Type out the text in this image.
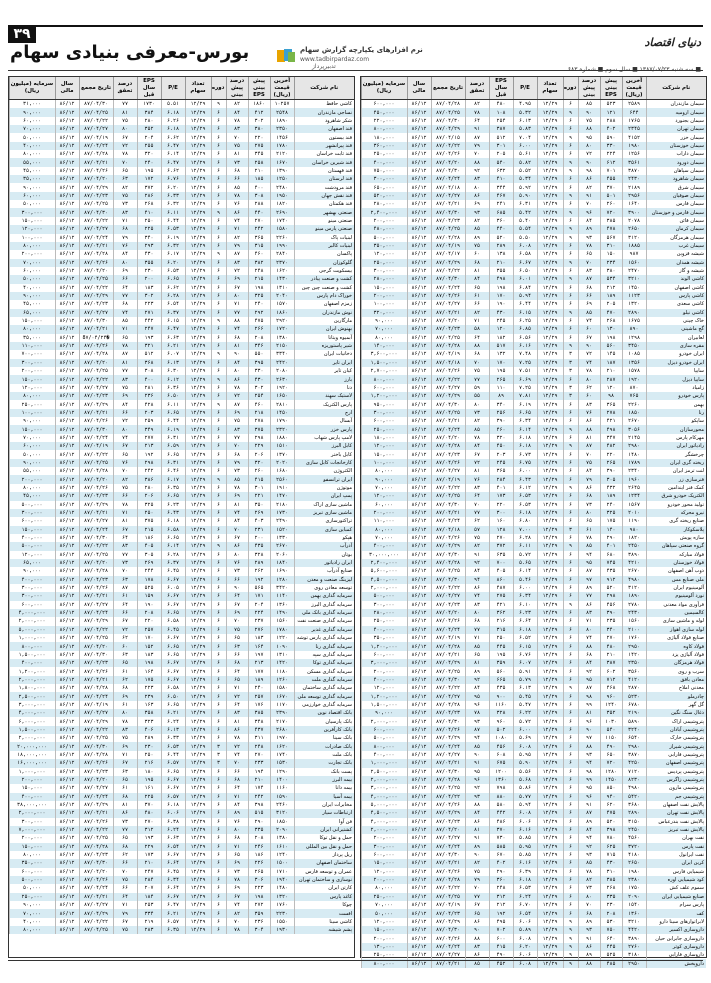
۳۹
دنیای اقتصاد
■ سه شنبه ۱۳۸۷/۰۷/۲۳ ■ سال سوم ■ شماره ۶۸۳
بورس-معرفی بنیادی سهام	نرم افزارهای یکپارچه گزارش سهام
www.tadbirpardaz.com
تدبیرپرداز
نام شرکت	آخرین قیمت (ریال)	پیش بینی EPS	درصد پیش بینی	دوره	تعداد سهام	P/E	EPS سال قبل	درصد تحقق	تاریخ مجمع	سال مالی	سرمایه (میلیون ریال)
سیمان مازندران	۲۵۸۹	۵۲۳	۸۵	۶	۱۲/۲۹	۴.۹۵	۴۸۰	۸۲	۸۷/۰۴/۲۸	۸۶/۱۲	۶۰۰,۰۰۰
سیمان ارومیه	۶۴۴	۱۲۱	۹۰	۹	۱۲/۲۹	۵.۳۲	۱۰۸	۷۸	۸۷/۰۴/۲۵	۸۶/۱۲	۴۵۰,۰۰۰
سیمان بجنورد	۱۷۶۵	۲۸۸	۷۵	۶	۱۲/۲۹	۶.۱۳	۲۵۴	۶۴	۸۷/۰۴/۳۰	۸۶/۱۲	۲۲۰,۰۰۰
سیمان تهران	۲۳۴۵	۴۰۲	۸۸	۶	۱۲/۲۹	۵.۸۳	۳۸۷	۹۱	۸۷/۰۴/۲۹	۸۶/۱۲	۸۰۰,۰۰۰
سیمان خزر	۴۱۵۲	۵۹۰	۹۵	۹	۱۲/۲۹	۷.۰۴	۵۱۲	۸۷	۸۷/۰۴/۱۵	۸۶/۱۲	۱۸۰,۰۰۰
سیمان خوزستان	۱۹۸۰	۳۳۰	۸۰	۶	۱۲/۲۹	۶.۰۰	۳۰۱	۷۹	۸۷/۰۴/۲۲	۸۶/۱۲	۳۶۰,۰۰۰
سیمان داراب	۱۲۵۶	۲۲۴	۷۲	۶	۱۲/۲۹	۵.۶۱	۲۰۵	۷۰	۸۷/۰۴/۲۶	۸۶/۱۲	۲۵۰,۰۰۰
سیمان دورود	۳۵۶۱	۶۱۲	۹۰	۹	۱۲/۲۹	۵.۸۲	۵۴۰	۸۸	۸۷/۰۴/۲۰	۸۶/۱۲	۴۰۰,۰۰۰
سیمان سپاهان	۳۸۷۰	۷۰۱	۹۸	۹	۱۲/۲۹	۵.۵۲	۶۳۲	۹۲	۸۷/۰۴/۳۰	۸۶/۱۲	۷۵۰,۰۰۰
سیمان شاهرود	۲۴۳۰	۴۵۵	۸۶	۶	۱۲/۲۹	۵.۳۴	۴۱۰	۸۳	۸۷/۰۴/۲۴	۸۶/۱۲	۳۰۰,۰۰۰
سیمان شرق	۲۱۸۹	۳۷۰	۸۲	۶	۱۲/۲۹	۵.۹۲	۳۴۴	۸۰	۸۷/۰۴/۱۸	۸۶/۱۲	۶۵۰,۰۰۰
سیمان صوفیان	۲۹۵۶	۵۰۱	۹۱	۹	۱۲/۲۹	۵.۹۰	۴۶۷	۸۶	۸۷/۰۴/۲۷	۸۶/۱۲	۵۲۰,۰۰۰
سیمان فارس	۱۶۴۰	۲۶۰	۷۰	۶	۱۲/۲۹	۶.۳۱	۲۴۱	۶۹	۸۷/۰۴/۲۱	۸۶/۱۲	۲۸۰,۰۰۰
سیمان فارس و خوزستان	۳۹۰۰	۷۲۰	۹۶	۹	۱۲/۲۹	۵.۴۲	۶۸۵	۹۳	۸۷/۰۴/۳۰	۸۶/۱۲	۲,۴۰۰,۰۰۰
سیمان قائن	۲۰۷۸	۳۸۵	۸۴	۶	۱۲/۲۹	۵.۴۰	۳۶۰	۸۲	۸۷/۰۴/۲۳	۸۶/۱۲	۲۰۰,۰۰۰
سیمان کرمان	۲۶۵۰	۴۷۸	۸۹	۹	۱۲/۲۹	۵.۵۴	۴۴۰	۸۵	۸۷/۰۴/۲۵	۸۶/۱۲	۴۸۰,۰۰۰
سیمان هرمزگان	۳۱۲۰	۵۶۷	۹۳	۹	۱۲/۲۹	۵.۵۰	۵۲۰	۸۹	۸۷/۰۴/۲۸	۸۶/۱۲	۵۰۰,۰۰۰
سیمان غرب	۱۸۸۵	۳۱۰	۷۸	۶	۱۲/۲۹	۶.۰۸	۲۸۹	۷۵	۸۷/۰۴/۱۹	۸۶/۱۲	۳۵۰,۰۰۰
شیشه قزوین	۹۸۷	۱۵۰	۶۵	۶	۱۲/۲۹	۶.۵۸	۱۳۸	۶۰	۸۷/۰۴/۱۷	۸۶/۱۲	۱۲۰,۰۰۰
شیشه همدان	۱۵۶۰	۲۳۴	۷۰	۹	۱۲/۲۹	۶.۶۷	۲۱۰	۶۸	۸۷/۰۴/۲۹	۸۶/۱۲	۲۵۰,۰۰۰
شیشه و گاز	۲۴۷۰	۳۸۰	۸۳	۶	۱۲/۲۹	۶.۵۰	۳۵۵	۸۱	۸۷/۰۴/۲۲	۸۶/۱۲	۳۰۰,۰۰۰
کاشی الوند	۳۲۱۰	۵۳۴	۸۷	۹	۱۲/۲۹	۶.۰۱	۴۹۸	۸۴	۸۷/۰۴/۳۰	۸۶/۱۲	۲۸۰,۰۰۰
کاشی اصفهان	۱۴۵۰	۲۱۲	۶۸	۶	۱۲/۲۹	۶.۸۴	۱۹۸	۶۵	۸۷/۰۴/۲۴	۸۶/۱۲	۱۵۰,۰۰۰
کاشی پارس	۱۱۲۳	۱۸۹	۶۶	۶	۱۲/۲۹	۵.۹۴	۱۷۰	۶۱	۸۷/۰۴/۲۶	۸۶/۱۲	۲۰۰,۰۰۰
کاشی سعدی	۱۳۲۰	۲۰۵	۶۹	۶	۱۲/۲۹	۶.۴۴	۱۹۰	۶۶	۸۷/۰۴/۲۷	۸۶/۱۲	۱۰۰,۰۰۰
کاشی نیلو	۲۸۹۰	۴۷۰	۸۵	۹	۱۲/۲۹	۶.۱۵	۴۳۰	۸۲	۸۷/۰۴/۲۱	۸۶/۱۲	۳۲۰,۰۰۰
خاک چینی	۱۶۷۵	۲۶۸	۷۴	۶	۱۲/۲۹	۶.۲۵	۲۴۵	۷۱	۸۷/۰۴/۲۰	۸۶/۱۲	۹۰,۰۰۰
گچ ماشینی	۸۹۰	۱۳۰	۶۰	۶	۱۲/۲۹	۶.۸۵	۱۲۰	۵۸	۸۷/۰۴/۲۳	۸۶/۱۲	۷۰,۰۰۰
لعابیران	۱۲۹۸	۱۹۸	۶۷	۶	۱۲/۲۹	۶.۵۶	۱۸۲	۶۴	۸۷/۰۴/۲۵	۸۶/۱۲	۸۰,۰۰۰
مقره سازی	۳۴۵۰	۵۶۰	۹۰	۹	۱۲/۲۹	۶.۱۶	۵۱۷	۸۸	۸۷/۰۴/۲۸	۸۶/۱۲	۱۴۰,۰۰۰
ایران خودرو	۱۰۸۵	۱۴۵	۷۲	۳	۱۲/۲۹	۷.۴۸	۱۳۲	۶۸	۸۷/۰۴/۱۹	۸۶/۱۲	۳,۶۰۰,۰۰۰
ایران خودرو دیزل	۱۳۵۶	۱۸۷	۷۴	۳	۱۲/۲۹	۷.۲۵	۱۷۰	۷۰	۸۷/۰۴/۱۸	۸۶/۱۲	۱,۵۰۰,۰۰۰
سایپا	۱۵۷۸	۲۱۰	۷۸	۳	۱۲/۲۹	۷.۵۱	۱۹۵	۷۵	۸۷/۰۴/۲۶	۸۶/۱۲	۲,۷۰۰,۰۰۰
سایپا دیزل	۱۹۲۰	۲۸۷	۸۰	۶	۱۲/۲۹	۶.۶۹	۲۶۵	۷۷	۸۷/۰۴/۲۲	۸۶/۱۲	۸۰۰,۰۰۰
زامیاد	۸۷۰	۱۲۰	۶۲	۳	۱۲/۲۹	۷.۲۵	۱۱۰	۵۹	۸۷/۰۴/۲۷	۸۶/۱۲	۶۰۰,۰۰۰
پارس خودرو	۷۶۵	۹۸	۶۰	۳	۱۲/۲۹	۷.۸۱	۸۹	۵۵	۸۷/۰۴/۲۹	۸۶/۱۲	۱,۲۰۰,۰۰۰
بهمن	۲۲۶۰	۳۶۵	۸۳	۶	۱۲/۲۹	۶.۱۹	۳۴۰	۸۰	۸۷/۰۴/۳۰	۸۶/۱۲	۹۵۰,۰۰۰
رنا	۱۸۵۰	۲۷۸	۷۶	۶	۱۲/۲۹	۶.۶۵	۲۵۶	۷۳	۸۷/۰۴/۲۵	۸۶/۱۲	۳۰۰,۰۰۰
ساپکو	۲۶۷۰	۴۲۱	۸۶	۶	۱۲/۲۹	۶.۳۴	۳۹۰	۸۲	۸۷/۰۴/۲۱	۸۶/۱۲	۶۰۰,۰۰۰
محورسازان	۳۰۵۶	۴۹۸	۸۸	۹	۱۲/۲۹	۶.۱۴	۴۶۰	۸۵	۸۷/۰۴/۲۴	۸۶/۱۲	۲۵۰,۰۰۰
مهرکام پارس	۲۱۴۵	۳۴۷	۸۱	۶	۱۲/۲۹	۶.۱۸	۳۲۰	۷۸	۸۷/۰۴/۲۰	۸۶/۱۲	۱۸۰,۰۰۰
رادیاتور ایران	۲۹۸۰	۴۸۲	۸۷	۹	۱۲/۲۹	۶.۱۸	۴۵۰	۸۴	۸۷/۰۴/۲۸	۸۶/۱۲	۱۲۰,۰۰۰
چرخشگر	۱۴۸۰	۲۲۰	۷۰	۶	۱۲/۲۹	۶.۷۳	۲۰۳	۶۷	۸۷/۰۴/۲۳	۸۶/۱۲	۱۵۰,۰۰۰
ریخته گری ایران	۱۷۸۹	۲۶۵	۷۵	۶	۱۲/۲۹	۶.۷۵	۲۴۵	۷۲	۸۷/۰۴/۲۶	۸۶/۱۲	۱۰۰,۰۰۰
لنت ترمز ایران	۲۳۴۰	۳۹۰	۸۴	۶	۱۲/۲۹	۶.۰۰	۳۶۵	۸۱	۸۷/۰۴/۲۷	۸۶/۱۲	۸۰,۰۰۰
فنرسازی زر	۱۹۶۰	۳۰۵	۷۹	۶	۱۲/۲۹	۶.۴۳	۲۸۴	۷۶	۸۷/۰۴/۱۹	۸۶/۱۲	۹۰,۰۰۰
کمک فنر ایندامین	۲۶۴۵	۴۳۲	۸۶	۹	۱۲/۲۹	۶.۱۲	۴۰۱	۸۳	۸۷/۰۴/۲۲	۸۶/۱۲	۷۰,۰۰۰
الکتریک خودرو شرق	۱۲۳۴	۱۸۹	۶۸	۶	۱۲/۲۹	۶.۵۳	۱۷۳	۶۴	۸۷/۰۴/۲۵	۸۶/۱۲	۱۲۰,۰۰۰
تولید محور خودرو	۱۵۶۷	۲۴۰	۷۳	۶	۱۲/۲۹	۶.۵۳	۲۲۰	۷۰	۸۷/۰۴/۳۰	۸۶/۱۲	۶۰,۰۰۰
نیرو محرکه	۲۰۱۰	۳۲۵	۸۰	۶	۱۲/۲۹	۶.۱۸	۳۰۰	۷۷	۸۷/۰۴/۲۱	۸۶/۱۲	۲۰۰,۰۰۰
صنایع ریخته گری	۱۱۹۰	۱۷۵	۶۵	۶	۱۲/۲۹	۶.۸۰	۱۶۰	۶۲	۸۷/۰۴/۲۴	۸۶/۱۲	۱۱۰,۰۰۰
پلاسکوکار	۹۸۰	۱۴۰	۶۱	۳	۱۲/۲۹	۷.۰۰	۱۲۸	۵۷	۸۷/۰۴/۱۸	۸۶/۱۲	۸۰,۰۰۰
سازه پویش	۱۸۲۰	۲۹۰	۷۸	۶	۱۲/۲۹	۶.۲۸	۲۷۰	۷۵	۸۷/۰۴/۲۶	۸۶/۱۲	۷۰,۰۰۰
گروه صنعتی سپاهان	۲۴۵۰	۴۰۱	۸۵	۹	۱۲/۲۹	۶.۱۱	۳۷۲	۸۲	۸۷/۰۴/۲۹	۸۶/۱۲	۴۰۰,۰۰۰
فولاد مبارکه	۳۸۹۰	۶۸۰	۹۴	۶	۱۲/۲۹	۵.۷۲	۶۳۵	۹۱	۸۷/۰۴/۳۰	۸۶/۱۲	۳۰,۰۰۰,۰۰۰
فولاد خوزستان	۴۲۱۰	۷۴۵	۹۵	۶	۱۲/۲۹	۵.۶۵	۷۰۰	۹۲	۸۷/۰۴/۲۸	۸۶/۱۲	۲,۴۰۰,۰۰۰
ذوب آهن اصفهان	۲۶۷۰	۴۳۵	۸۷	۶	۱۲/۲۹	۶.۱۴	۴۰۵	۸۴	۸۷/۰۴/۲۵	۸۶/۱۲	۵,۶۰۰,۰۰۰
ملی صنایع مس	۴۹۸۰	۹۱۲	۹۷	۶	۱۲/۲۹	۵.۴۶	۸۶۰	۹۴	۸۷/۰۴/۳۰	۸۶/۱۲	۴,۵۰۰,۰۰۰
آلومینیوم ایران	۳۱۲۰	۵۲۰	۸۹	۶	۱۲/۲۹	۶.۰۰	۴۸۷	۸۶	۸۷/۰۴/۲۲	۸۶/۱۲	۲,۰۰۰,۰۰۰
نورد آلومینیوم	۱۸۹۰	۲۹۸	۷۷	۶	۱۲/۲۹	۶.۳۴	۲۷۵	۷۴	۸۷/۰۴/۲۷	۸۶/۱۲	۵۰۰,۰۰۰
فرآوری مواد معدنی	۲۷۸۰	۴۵۶	۸۶	۹	۱۲/۲۹	۶.۱۰	۴۲۱	۸۳	۸۷/۰۴/۲۳	۸۶/۱۲	۳۰۰,۰۰۰
کالسیمین	۲۴۳۰	۳۹۰	۸۳	۶	۱۲/۲۹	۶.۲۳	۳۶۲	۸۰	۸۷/۰۴/۲۰	۸۶/۱۲	۲۸۰,۰۰۰
لوله و ماشین سازی	۱۵۶۰	۲۳۵	۷۱	۶	۱۲/۲۹	۶.۶۴	۲۱۶	۶۸	۸۷/۰۴/۲۶	۸۶/۱۲	۲۵۰,۰۰۰
لوله سازی اهواز	۲۱۰۰	۳۴۰	۸۰	۶	۱۲/۲۹	۶.۱۸	۳۱۵	۷۷	۸۷/۰۴/۲۴	۸۶/۱۲	۴۰۰,۰۰۰
صنایع فولاد آلیاژی	۱۷۶۰	۲۷۰	۷۴	۶	۱۲/۲۹	۶.۵۲	۲۵۰	۷۱	۸۷/۰۴/۱۹	۸۶/۱۲	۳۵۰,۰۰۰
فولاد کاوه	۲۹۵۰	۴۸۰	۸۸	۶	۱۲/۲۹	۶.۱۵	۴۴۵	۸۵	۸۷/۰۴/۲۸	۸۶/۱۲	۱,۲۰۰,۰۰۰
فولاد آلیاژی یزد	۱۴۲۰	۲۱۰	۶۸	۶	۱۲/۲۹	۶.۷۶	۱۹۵	۶۵	۸۷/۰۴/۲۱	۸۶/۱۲	۶۰۰,۰۰۰
فولاد هرمزگان	۲۳۵۰	۳۸۷	۸۴	۶	۱۲/۲۹	۶.۰۷	۳۵۹	۸۱	۸۷/۰۴/۲۹	۸۶/۱۲	۳,۰۰۰,۰۰۰
سرب و روی	۳۵۶۰	۶۰۲	۹۲	۶	۱۲/۲۹	۵.۹۱	۵۶۰	۸۹	۸۷/۰۴/۲۵	۸۶/۱۲	۲۰۰,۰۰۰
معادن بافق	۴۱۲۰	۷۱۲	۹۵	۶	۱۲/۲۹	۵.۷۹	۶۶۵	۹۲	۸۷/۰۴/۳۰	۸۶/۱۲	۴۰۰,۰۰۰
معدنی املاح	۲۸۷۰	۴۶۸	۸۷	۹	۱۲/۲۹	۶.۱۳	۴۳۵	۸۴	۸۷/۰۴/۲۲	۸۶/۱۲	۱۲۰,۰۰۰
چادرملو	۵۲۳۰	۹۶۰	۹۸	۶	۱۲/۲۹	۵.۴۵	۹۰۰	۹۵	۸۷/۰۴/۲۷	۸۶/۱۲	۱,۲۰۰,۰۰۰
گل گهر	۶۷۸۰	۱۲۴۰	۹۹	۶	۱۲/۲۹	۵.۴۷	۱۱۶۰	۹۶	۸۷/۰۴/۲۸	۸۶/۱۲	۱,۵۰۰,۰۰۰
ذغال سنگ نگین	۲۱۹۰	۳۵۲	۸۱	۶	۱۲/۲۹	۶.۲۲	۳۲۸	۷۸	۸۷/۰۴/۲۳	۸۶/۱۲	۹۰,۰۰۰
پتروشیمی اراک	۵۸۹۰	۱۰۳۰	۹۶	۶	۱۲/۲۹	۵.۷۲	۹۶۰	۹۳	۸۷/۰۴/۳۰	۸۶/۱۲	۲,۰۰۰,۰۰۰
پتروشیمی آبادان	۳۲۴۰	۵۴۰	۹۰	۶	۱۲/۲۹	۶.۰۰	۵۰۲	۸۷	۸۷/۰۴/۲۶	۸۶/۱۲	۶۰۰,۰۰۰
پتروشیمی خارک	۶۵۴۰	۱۱۵۰	۹۷	۶	۱۲/۲۹	۵.۶۹	۱۰۸۰	۹۴	۸۷/۰۴/۲۹	۸۶/۱۲	۵۰۰,۰۰۰
پتروشیمی شیراز	۲۹۸۰	۴۹۰	۸۸	۶	۱۲/۲۹	۶.۰۸	۴۵۶	۸۵	۸۷/۰۴/۲۴	۸۶/۱۲	۸۰۰,۰۰۰
پتروشیمی فارابی	۳۸۷۰	۶۵۰	۹۳	۶	۱۲/۲۹	۵.۹۵	۶۰۸	۹۰	۸۷/۰۴/۲۷	۸۶/۱۲	۴۰۰,۰۰۰
پتروشیمی اصفهان	۴۲۵۰	۷۲۰	۹۴	۶	۱۲/۲۹	۵.۹۰	۶۷۵	۹۱	۸۷/۰۴/۲۱	۸۶/۱۲	۱,۰۰۰,۰۰۰
پتروشیمی پردیس	۷۱۲۰	۱۲۸۰	۹۸	۶	۱۲/۲۹	۵.۵۶	۱۲۰۰	۹۵	۸۷/۰۴/۳۰	۸۶/۱۲	۲,۵۰۰,۰۰۰
پتروشیمی زاگرس	۸۲۳۰	۱۴۵۰	۹۹	۶	۱۲/۲۹	۵.۶۸	۱۳۶۰	۹۶	۸۷/۰۴/۲۸	۸۶/۱۲	۲,۰۰۰,۰۰۰
پتروشیمی مارون	۴۹۸۰	۸۵۰	۹۵	۶	۱۲/۲۹	۵.۸۶	۷۹۸	۹۲	۸۷/۰۴/۲۵	۸۶/۱۲	۳,۰۰۰,۰۰۰
پتروشیمی جم	۵۴۲۰	۹۴۰	۹۶	۶	۱۲/۲۹	۵.۷۷	۸۸۰	۹۳	۸۷/۰۴/۲۲	۸۶/۱۲	۴,۰۰۰,۰۰۰
پالایش نفت اصفهان	۳۶۸۰	۶۲۰	۹۱	۶	۱۲/۲۹	۵.۹۴	۵۸۰	۸۸	۸۷/۰۴/۲۶	۸۶/۱۲	۵,۰۰۰,۰۰۰
پالایش نفت تهران	۲۸۹۰	۴۷۵	۸۷	۶	۱۲/۲۹	۶.۰۸	۴۴۲	۸۴	۸۷/۰۴/۲۹	۸۶/۱۲	۴,۵۰۰,۰۰۰
پالایش نفت بندرعباس	۳۱۵۰	۵۲۰	۸۹	۶	۱۲/۲۹	۶.۰۶	۴۸۶	۸۶	۸۷/۰۴/۲۳	۸۶/۱۲	۴,۰۰۰,۰۰۰
پالایش نفت تبریز	۲۴۵۰	۳۹۸	۸۴	۶	۱۲/۲۹	۶.۱۶	۳۷۰	۸۱	۸۷/۰۴/۲۰	۸۶/۱۲	۲,۰۰۰,۰۰۰
نفت بهران	۴۵۶۰	۷۸۰	۹۴	۶	۱۲/۲۹	۵.۸۵	۷۳۰	۹۱	۸۷/۰۴/۲۷	۸۶/۱۲	۲۰۰,۰۰۰
نفت پارس	۳۷۲۰	۶۲۵	۹۲	۶	۱۲/۲۹	۵.۹۵	۵۸۵	۸۹	۸۷/۰۴/۲۴	۸۶/۱۲	۳۰۰,۰۰۰
نفت ایرانول	۴۱۸۰	۷۱۵	۹۳	۶	۱۲/۲۹	۵.۸۵	۶۷۰	۹۰	۸۷/۰۴/۳۰	۸۶/۱۲	۶۰۰,۰۰۰
کربن ایران	۲۶۵۰	۴۳۰	۸۵	۶	۱۲/۲۹	۶.۱۶	۴۰۲	۸۲	۸۷/۰۴/۲۱	۸۶/۱۲	۱۵۰,۰۰۰
شیمیایی فارس	۱۹۸۰	۳۱۰	۷۸	۶	۱۲/۲۹	۶.۳۹	۲۹۰	۷۵	۸۷/۰۴/۲۶	۸۶/۱۲	۱۲۰,۰۰۰
کود شیمیایی اوره	۲۳۸۰	۳۸۵	۸۲	۶	۱۲/۲۹	۶.۱۸	۳۶۰	۷۹	۸۷/۰۴/۲۸	۸۶/۱۲	۲۰۰,۰۰۰
سموم علف کش	۱۷۵۰	۲۶۸	۷۳	۶	۱۲/۲۹	۶.۵۳	۲۴۸	۷۰	۸۷/۰۴/۲۲	۸۶/۱۲	۸۰,۰۰۰
صنایع شیمیایی ایران	۲۰۹۰	۳۳۵	۸۰	۶	۱۲/۲۹	۶.۲۴	۳۱۲	۷۷	۸۷/۰۴/۲۵	۸۶/۱۲	۲۵۰,۰۰۰
پارس سرام	۱۵۴۰	۲۳۰	۷۰	۶	۱۲/۲۹	۶.۷۰	۲۱۲	۶۷	۸۷/۰۴/۱۹	۸۶/۱۲	۷۰,۰۰۰
کف	۱۳۶۰	۲۰۸	۶۸	۶	۱۲/۲۹	۶.۵۴	۱۹۲	۶۵	۸۷/۰۴/۲۳	۸۶/۱۲	۵۰,۰۰۰
لابراتوارهای سینا دارو	۳۲۱۰	۵۳۰	۸۹	۹	۱۲/۲۹	۶.۰۶	۴۹۵	۸۶	۸۷/۰۴/۲۹	۸۶/۱۲	۱۲۰,۰۰۰
داروسازی اکسیر	۴۴۲۰	۷۵۰	۹۳	۹	۱۲/۲۹	۵.۸۹	۷۰۲	۹۰	۸۷/۰۴/۳۰	۸۶/۱۲	۱۵۰,۰۰۰
داروسازی جابرابن حیان	۳۸۹۰	۶۴۰	۹۱	۹	۱۲/۲۹	۶.۰۸	۶۰۰	۸۸	۸۷/۰۴/۲۶	۸۶/۱۲	۲۰۰,۰۰۰
داروسازی کوثر	۲۷۶۰	۴۴۵	۸۶	۹	۱۲/۲۹	۶.۲۰	۴۱۵	۸۳	۸۷/۰۴/۲۴	۸۶/۱۲	۱۳۰,۰۰۰
داروسازی فارابی	۳۱۸۰	۵۲۵	۸۹	۹	۱۲/۲۹	۶.۰۶	۴۹۰	۸۶	۸۷/۰۴/۲۷	۸۶/۱۲	۲۵۰,۰۰۰
داروپخش	۲۹۵۰	۴۸۵	۸۸	۹	۱۲/۲۹	۶.۰۸	۴۵۲	۸۵	۸۷/۰۴/۲۱	۸۶/۱۲	۸۰۰,۰۰۰
نام شرکت	آخرین قیمت (ریال)	پیش بینی EPS	درصد پیش بینی	دوره	تعداد سهام	P/E	EPS سال قبل	درصد تحقق	تاریخ مجمع	سال مالی	سرمایه (میلیون ریال)
کاشی حافظ	۱۰۲۵۷	۱۸۶۰	۸۲	۹	۱۲/۲۹	۵.۵۱	۱۷۳۰	۷۷	۸۷/۰۴/۳۰	۸۶/۱۲	۳۱,۰۰۰
نساجی مازندران	۲۵۴۸	۴۱۲	۸۴	۶	۱۲/۲۹	۶.۱۸	۳۸۴	۸۱	۸۷/۰۴/۲۵	۸۶/۱۲	۹۰,۰۰۰
شکر شاهرود	۱۸۹۰	۳۰۲	۷۸	۶	۱۲/۲۹	۶.۲۶	۲۸۰	۷۵	۸۷/۰۴/۲۲	۸۶/۱۲	۶۰,۰۰۰
قند اصفهان	۲۳۵۰	۳۸۰	۸۳	۶	۱۲/۲۹	۶.۱۸	۳۵۲	۸۰	۸۷/۰۴/۲۷	۸۶/۱۲	۷۰,۰۰۰
قند بیستون	۱۴۵۶	۲۲۰	۷۰	۶	۱۲/۲۹	۶.۶۲	۲۰۴	۶۷	۸۷/۰۴/۱۹	۸۶/۱۲	۵۰,۰۰۰
قند پیرانشهر	۱۷۸۰	۲۷۵	۷۵	۶	۱۲/۲۹	۶.۴۷	۲۵۵	۷۲	۸۷/۰۴/۲۴	۸۶/۱۲	۴۰,۰۰۰
قند ثابت خراسان	۲۱۲۰	۳۴۵	۸۱	۶	۱۲/۲۹	۶.۱۴	۳۲۰	۷۸	۸۷/۰۴/۲۸	۸۶/۱۲	۸۰,۰۰۰
قند شیرین خراسان	۱۶۷۰	۲۵۸	۷۳	۶	۱۲/۲۹	۶.۴۷	۲۴۰	۷۰	۸۷/۰۴/۲۱	۸۶/۱۲	۵۵,۰۰۰
قند قهستان	۱۳۹۰	۲۱۰	۶۸	۶	۱۲/۲۹	۶.۶۲	۱۹۵	۶۵	۸۷/۰۴/۲۶	۸۶/۱۲	۴۵,۰۰۰
قند لرستان	۱۲۵۰	۱۸۵	۶۶	۶	۱۲/۲۹	۶.۷۶	۱۷۲	۶۳	۸۷/۰۴/۲۰	۸۶/۱۲	۳۵,۰۰۰
قند مرودشت	۲۴۸۰	۴۰۰	۸۵	۶	۱۲/۲۹	۶.۲۰	۳۷۲	۸۲	۸۷/۰۴/۲۹	۸۶/۱۲	۹۰,۰۰۰
قند نقش جهان	۱۹۵۰	۳۰۸	۷۸	۶	۱۲/۲۹	۶.۳۳	۲۸۶	۷۵	۸۷/۰۴/۲۳	۸۶/۱۲	۶۰,۰۰۰
قند هکمتان	۱۸۲۰	۲۸۸	۷۶	۶	۱۲/۲۹	۶.۳۲	۲۶۸	۷۳	۸۷/۰۴/۲۵	۸۶/۱۲	۵۰,۰۰۰
صنعتی بهشهر	۲۶۹۰	۴۴۰	۸۶	۹	۱۲/۲۹	۶.۱۱	۴۱۰	۸۳	۸۷/۰۴/۳۰	۸۶/۱۲	۳۰۰,۰۰۰
صنعتی مینو	۱۷۴۰	۲۷۰	۷۴	۶	۱۲/۲۹	۶.۴۴	۲۵۰	۷۱	۸۷/۰۴/۲۲	۸۶/۱۲	۱۵۰,۰۰۰
صنعتی پارس مینو	۱۵۸۰	۲۴۲	۷۱	۶	۱۲/۲۹	۶.۵۳	۲۲۵	۶۸	۸۷/۰۴/۲۷	۸۶/۱۲	۱۲۰,۰۰۰
لبنیات پاک	۲۲۶۰	۳۶۵	۸۲	۶	۱۲/۲۹	۶.۱۹	۳۴۰	۷۹	۸۷/۰۴/۲۴	۸۶/۱۲	۱۰۰,۰۰۰
لبنیات کالبر	۱۹۹۰	۳۱۵	۷۹	۶	۱۲/۲۹	۶.۳۲	۲۹۳	۷۶	۸۷/۰۴/۲۱	۸۶/۱۲	۸۰,۰۰۰
پاکسان	۲۸۴۰	۴۶۰	۸۷	۹	۱۲/۲۹	۶.۱۷	۴۳۰	۸۴	۸۷/۰۴/۲۸	۸۶/۱۲	۲۰۰,۰۰۰
گلوکوزان	۲۳۷۰	۳۸۲	۸۳	۶	۱۲/۲۹	۶.۲۰	۳۵۵	۸۰	۸۷/۰۴/۲۶	۸۶/۱۲	۷۰,۰۰۰
بیسکویت گرجی	۱۶۲۰	۲۴۸	۷۲	۶	۱۲/۲۹	۶.۵۳	۲۳۰	۶۹	۸۷/۰۴/۲۰	۸۶/۱۲	۶۰,۰۰۰
کشت و صنعت پیاذر	۱۴۳۰	۲۱۵	۶۹	۶	۱۲/۲۹	۶.۶۵	۲۰۰	۶۶	۸۷/۰۴/۲۵	۸۶/۱۲	۵۰,۰۰۰
کشت و صنعت چین چین	۱۳۱۰	۱۹۸	۶۷	۶	۱۲/۲۹	۶.۶۲	۱۸۳	۶۴	۸۷/۰۴/۲۲	۸۶/۱۲	۴۰,۰۰۰
خوراک دام پارس	۲۰۴۰	۳۲۵	۸۰	۶	۱۲/۲۹	۶.۲۸	۳۰۲	۷۷	۸۷/۰۴/۲۹	۸۶/۱۲	۹۰,۰۰۰
زمزم اصفهان	۱۵۷۰	۲۴۰	۷۱	۶	۱۲/۲۹	۶.۵۴	۲۲۳	۶۸	۸۷/۰۴/۲۳	۸۶/۱۲	۴۵,۰۰۰
نوش مازندران	۱۸۶۰	۲۹۲	۷۷	۶	۱۲/۲۹	۶.۳۷	۲۷۱	۷۴	۸۷/۰۴/۲۷	۸۶/۱۲	۶۵,۰۰۰
مارگارین	۲۹۲۰	۴۷۵	۸۸	۹	۱۲/۲۹	۶.۱۵	۴۴۲	۸۵	۸۷/۰۴/۳۰	۸۶/۱۲	۱۵۰,۰۰۰
بهنوش ایران	۱۷۲۰	۲۶۶	۷۴	۶	۱۲/۲۹	۶.۴۷	۲۴۷	۷۱	۸۷/۰۴/۲۱	۸۶/۱۲	۸۰,۰۰۰
آبمیوه ویتانا	۱۳۸۰	۲۰۸	۶۸	۶	۱۲/۲۹	۶.۶۳	۱۹۳	۶۵	�8۷/۰۴/۲۴	۸۶/۱۲	۳۵,۰۰۰
شیر پاستوریزه	۲۱۵۰	۳۴۶	۸۱	۶	۱۲/۲۹	۶.۲۱	۳۲۱	۷۸	۸۷/۰۴/۲۶	۸۶/۱۲	۱۱۰,۰۰۰
دخانیات ایران	۳۳۴۰	۵۵۰	۹۰	۹	۱۲/۲۹	۶.۰۷	۵۱۲	۸۷	۸۷/۰۴/۲۸	۸۶/۱۲	۷۰۰,۰۰۰
ایران تایر	۲۴۲۰	۳۹۵	۸۴	۶	۱۲/۲۹	۶.۱۳	۳۶۸	۸۱	۸۷/۰۴/۲۰	۸۶/۱۲	۳۰۰,۰۰۰
کیان تایر	۲۰۸۰	۳۳۰	۸۰	۶	۱۲/۲۹	۶.۳۰	۳۰۸	۷۷	۸۷/۰۴/۲۵	۸۶/۱۲	۲۰۰,۰۰۰
بارز	۲۶۳۰	۴۳۰	۸۶	۹	۱۲/۲۹	۶.۱۲	۴۰۰	۸۳	۸۷/۰۴/۲۲	۸۶/۱۲	۱۵۰,۰۰۰
دنا	۱۹۲۰	۳۰۲	۷۸	۶	۱۲/۲۹	۶.۳۶	۲۸۱	۷۵	۸۷/۰۴/۲۷	۸۶/۱۲	۱۲۰,۰۰۰
لاستیک سهند	۱۶۵۰	۲۵۴	۷۲	۶	۱۲/۲۹	۶.۵۰	۲۳۶	۶۹	۸۷/۰۴/۲۳	۸۶/۱۲	۸۰,۰۰۰
پارس الکتریک	۲۸۱۰	۴۶۰	۸۷	۹	۱۲/۲۹	۶.۱۱	۴۲۸	۸۴	۸۷/۰۴/۲۹	۸۶/۱۲	۲۵۰,۰۰۰
ارج	۱۴۵۰	۲۱۸	۶۹	۶	۱۲/۲۹	۶.۶۵	۲۰۳	۶۶	۸۷/۰۴/۲۱	۸۶/۱۲	۱۰۰,۰۰۰
آبسال	۱۷۹۰	۲۷۸	۷۵	۶	۱۲/۲۹	۶.۴۴	۲۵۹	۷۲	۸۷/۰۴/۲۶	۸۶/۱۲	۹۰,۰۰۰
پارس خزر	۲۳۲۰	۳۷۵	۸۳	۶	۱۲/۲۹	۶.۱۹	۳۴۹	۸۰	۸۷/۰۴/۳۰	۸۶/۱۲	۱۵۰,۰۰۰
لامپ پارس شهاب	۱۸۸۰	۲۹۸	۷۷	۶	۱۲/۲۹	۶.۳۱	۲۷۷	۷۴	۸۷/۰۴/۲۴	۸۶/۱۲	۷۰,۰۰۰
کابل البرز	۱۵۱۰	۲۲۹	۷۰	۶	۱۲/۲۹	۶.۵۹	۲۱۳	۶۷	۸۷/۰۴/۱۹	۸۶/۱۲	۶۰,۰۰۰
کابل باختر	۱۳۷۰	۲۰۶	۶۸	۶	۱۲/۲۹	۶.۶۵	۱۹۲	۶۵	۸۷/۰۴/۲۲	۸۶/۱۲	۵۰,۰۰۰
کارخانجات کابل سازی	۲۰۲۰	۳۲۰	۷۹	۶	۱۲/۲۹	۶.۳۱	۲۹۸	۷۶	۸۷/۰۴/۲۵	۸۶/۱۲	۹۰,۰۰۰
الکتروژن	۱۶۸۰	۲۶۰	۷۳	۶	۱۲/۲۹	۶.۴۶	۲۴۲	۷۰	۸۷/۰۴/۲۸	۸۶/۱۲	۵۵,۰۰۰
ایران ترانسفو	۲۵۶۰	۴۱۵	۸۵	۹	۱۲/۲۹	۶.۱۷	۳۸۶	۸۲	۸۷/۰۴/۲۰	۸۶/۱۲	۲۰۰,۰۰۰
موتوژن	۱۹۱۰	۳۰۱	۷۸	۶	۱۲/۲۹	۶.۳۵	۲۸۰	۷۵	۸۷/۰۴/۲۶	۸۶/۱۲	۸۰,۰۰۰
پمپ ایران	۱۴۷۰	۲۲۱	۶۹	۶	۱۲/۲۹	۶.۶۵	۲۰۶	۶۶	۸۷/۰۴/۲۳	۸۶/۱۲	۴۵,۰۰۰
ماشین سازی اراک	۲۱۸۰	۳۵۰	۸۱	۶	۱۲/۲۹	۶.۲۳	۳۲۵	۷۸	۸۷/۰۴/۲۹	۸۶/۱۲	۵۰۰,۰۰۰
ماشین سازی تبریز	۱۷۳۰	۲۶۹	۷۴	۶	۱۲/۲۹	۶.۴۳	۲۵۰	۷۱	۸۷/۰۴/۲۱	۸۶/۱۲	۳۰۰,۰۰۰
تراکتورسازی	۲۴۹۰	۴۰۳	۸۴	۶	۱۲/۲۹	۶.۱۸	۳۷۵	۸۱	۸۷/۰۴/۲۷	۸۶/۱۲	۶۰۰,۰۰۰
کمباین سازی	۱۵۲۰	۲۳۱	۷۰	۶	۱۲/۲۹	۶.۵۸	۲۱۵	۶۷	۸۷/۰۴/۲۴	۸۶/۱۲	۱۵۰,۰۰۰
هپکو	۱۳۳۰	۲۰۰	۶۷	۶	۱۲/۲۹	۶.۶۵	۱۸۶	۶۴	۸۷/۰۴/۳۰	۸۶/۱۲	۴۰۰,۰۰۰
آذرآب	۲۶۷۰	۴۳۵	۸۶	۹	۱۲/۲۹	۶.۱۴	۴۰۵	۸۳	۸۷/۰۴/۲۲	۸۶/۱۲	۵۰۰,۰۰۰
بوتان	۲۰۶۰	۳۲۸	۸۰	۶	۱۲/۲۹	۶.۲۸	۳۰۵	۷۷	۸۷/۰۴/۲۵	۸۶/۱۲	۱۲۰,۰۰۰
ایران رادیاتور	۱۸۴۰	۲۸۹	۷۶	۶	۱۲/۲۹	۶.۳۷	۲۶۹	۷۳	۸۷/۰۴/۲۰	۸۶/۱۲	۶۵,۰۰۰
صنایع آذرآب	۱۶۹۰	۲۶۲	۷۳	۶	۱۲/۲۹	۶.۴۵	۲۴۴	۷۰	۸۷/۰۴/۲۸	۸۶/۱۲	۹۰,۰۰۰
لیزینگ صنعت و معدن	۱۲۸۰	۱۹۲	۶۶	۶	۱۲/۲۹	۶.۶۷	۱۷۸	۶۳	۸۷/۰۴/۲۳	۸۶/۱۲	۴۰۰,۰۰۰
توسعه معادن روی	۳۴۲۰	۵۶۵	۹۰	۶	۱۲/۲۹	۶.۰۵	۵۲۵	۸۷	۸۷/۰۴/۲۶	۸۶/۱۲	۳۰۰,۰۰۰
سرمایه گذاری بهمن	۱۱۴۰	۱۷۱	۶۴	۶	۱۲/۲۹	۶.۶۷	۱۵۹	۶۱	۸۷/۰۴/۲۱	۸۶/۱۲	۳۰۰,۰۰۰
سرمایه گذاری البرز	۱۳۶۰	۲۰۴	۶۷	۶	۱۲/۲۹	۶.۶۷	۱۹۰	۶۴	۸۷/۰۴/۲۷	۸۶/۱۲	۶۰۰,۰۰۰
سرمایه گذاری بانک ملی	۱۴۹۰	۲۲۴	۶۹	۶	۱۲/۲۹	۶.۶۵	۲۰۸	۶۶	۸۷/۰۴/۲۴	۸۶/۱۲	۴,۰۰۰,۰۰۰
سرمایه گذاری صنعت نفت	۱۵۶۰	۲۳۷	۷۰	۶	۱۲/۲۹	۶.۵۸	۲۲۰	۶۷	۸۷/۰۴/۲۹	۸۶/۱۲	۲,۰۰۰,۰۰۰
سرمایه گذاری غدیر	۱۷۸۰	۲۷۶	۷۵	۶	۱۲/۲۹	۶.۴۵	۲۵۷	۷۲	۸۷/۰۴/۲۲	۸۶/۱۲	۵,۰۰۰,۰۰۰
سرمایه گذاری پارس توشه	۱۲۲۰	۱۸۳	۶۵	۶	۱۲/۲۹	۶.۶۷	۱۷۰	۶۲	۸۷/۰۴/۲۵	۸۶/۱۲	۱,۰۰۰,۰۰۰
سرمایه گذاری رنا	۱۰۹۰	۱۶۴	۶۳	۶	۱۲/۲۹	۶.۶۵	۱۵۲	۶۰	۸۷/۰۴/۲۰	۸۶/۱۲	۸۰۰,۰۰۰
سرمایه گذاری سپه	۱۳۱۰	۱۹۷	۶۶	۶	۱۲/۲۹	۶.۶۵	۱۸۳	۶۳	۸۷/۰۴/۳۰	۸۶/۱۲	۱,۵۰۰,۰۰۰
سرمایه گذاری توکا	۱۴۲۰	۲۱۳	۶۸	۶	۱۲/۲۹	۶.۶۷	۱۹۸	۶۵	۸۷/۰۴/۲۳	۸۶/۱۲	۴۰۰,۰۰۰
سرمایه گذاری مسکن	۱۱۸۰	۱۷۷	۶۴	۶	۱۲/۲۹	۶.۶۷	۱۶۴	۶۱	۸۷/۰۴/۲۶	۸۶/۱۲	۱,۲۰۰,۰۰۰
سرمایه گذاری ملت	۱۲۶۰	۱۸۹	۶۵	۶	۱۲/۲۹	۶.۶۷	۱۷۵	۶۲	۸۷/۰۴/۲۱	۸۶/۱۲	۲,۰۰۰,۰۰۰
سرمایه گذاری ساختمان	۱۵۸۰	۲۴۰	۷۱	۶	۱۲/۲۹	۶.۵۸	۲۲۳	۶۸	۸۷/۰۴/۲۸	۸۶/۱۲	۱,۸۰۰,۰۰۰
سرمایه گذاری توسعه ملی	۱۶۷۰	۲۵۷	۷۲	۶	۱۲/۲۹	۶.۵۰	۲۳۹	۶۹	۸۷/۰۴/۲۴	۸۶/۱۲	۲,۵۰۰,۰۰۰
سرمایه گذاری خوارزمی	۱۱۷۰	۱۷۶	۶۴	۶	۱۲/۲۹	۶.۶۵	۱۶۳	۶۱	۸۷/۰۴/۱۹	۸۶/۱۲	۳,۰۰۰,۰۰۰
بانک اقتصاد نوین	۲۳۹۰	۳۸۵	۸۳	۶	۱۲/۲۹	۶.۲۱	۳۵۸	۸۰	۸۷/۰۴/۲۷	۸۶/۱۲	۴,۰۰۰,۰۰۰
بانک پارسیان	۲۱۷۰	۳۴۸	۸۱	۶	۱۲/۲۹	۶.۲۴	۳۲۳	۷۸	۸۷/۰۴/۲۹	۸۶/۱۲	۶,۰۰۰,۰۰۰
بانک کارآفرین	۲۶۸۰	۴۳۷	۸۶	۶	۱۲/۲۹	۶.۱۳	۴۰۶	۸۳	۸۷/۰۴/۲۲	۸۶/۱۲	۱,۵۰۰,۰۰۰
بانک سینا	۱۹۷۰	۳۱۱	۷۸	۶	۱۲/۲۹	۶.۳۳	۲۸۹	۷۵	۸۷/۰۴/۲۵	۸۶/۱۲	۲,۰۰۰,۰۰۰
بانک صادرات	۱۶۲۰	۲۴۸	۷۲	۳	۱۲/۲۹	۶.۵۳	۲۳۰	۶۹	۸۷/۰۴/۳۰	۸۶/۱۲	۲۰,۰۰۰,۰۰۰
بانک ملت	۱۷۴۰	۲۷۰	۷۴	۳	۱۲/۲۹	۶.۴۴	۲۵۰	۷۱	۸۷/۰۴/۲۸	۸۶/۱۲	۱۸,۰۰۰,۰۰۰
بانک تجارت	۱۵۳۰	۲۳۳	۷۰	۳	۱۲/۲۹	۶.۵۷	۲۱۶	۶۷	۸۷/۰۴/۲۶	۸۶/۱۲	۱۶,۰۰۰,۰۰۰
پست بانک	۱۲۹۰	۱۹۴	۶۶	۶	۱۲/۲۹	۶.۶۵	۱۸۰	۶۳	۸۷/۰۴/۲۳	۸۶/۱۲	۱,۰۰۰,۰۰۰
بیمه البرز	۱۴۰۰	۲۱۰	۶۸	۶	۱۲/۲۹	۶.۶۷	۱۹۵	۶۵	۸۷/۰۴/۲۰	۸۶/۱۲	۲۰۰,۰۰۰
بیمه دانا	۱۱۶۰	۱۷۴	۶۴	۶	۱۲/۲۹	۶.۶۷	۱۶۱	۶۱	۸۷/۰۴/۲۷	۸۶/۱۲	۱۵۰,۰۰۰
بیمه آسیا	۱۵۹۰	۲۴۲	۷۱	۶	۱۲/۲۹	۶.۵۷	۲۲۵	۶۸	۸۷/۰۴/۲۴	۸۶/۱۲	۴۰۰,۰۰۰
مخابرات ایران	۲۴۶۰	۳۹۸	۸۴	۶	۱۲/۲۹	۶.۱۸	۳۷۰	۸۱	۸۷/۰۴/۲۹	۸۶/۱۲	۳۸,۰۰۰,۰۰۰
ارتباطات سیار	۳۱۲۰	۵۱۵	۸۹	۶	۱۲/۲۹	۶.۰۶	۴۸۰	۸۶	۸۷/۰۴/۲۱	۸۶/۱۲	۲,۰۰۰,۰۰۰
فن آوا	۱۸۵۰	۲۹۰	۷۶	۶	۱۲/۲۹	۶.۳۸	۲۷۰	۷۳	۸۷/۰۴/۲۶	۸۶/۱۲	۳۰۰,۰۰۰
کشتیرانی ایران	۲۰۹۰	۳۳۵	۸۰	۶	۱۲/۲۹	۶.۲۴	۳۱۲	۷۷	۸۷/۰۴/۲۲	۸۶/۱۲	۷,۰۰۰,۰۰۰
حمل و نقل توکا	۱۳۸۰	۲۰۸	۶۸	۶	۱۲/۲۹	۶.۶۳	۱۹۳	۶۵	۸۷/۰۴/۲۵	۸۶/۱۲	۲۰۰,۰۰۰
حمل و نقل بین المللی	۱۶۱۰	۲۴۶	۷۱	۶	۱۲/۲۹	۶.۵۴	۲۲۹	۶۸	۸۷/۰۴/۲۸	۸۶/۱۲	۱۵۰,۰۰۰
ریل پرداز	۱۲۴۰	۱۸۶	۶۵	۶	۱۲/۲۹	۶.۶۷	۱۷۳	۶۲	۸۷/۰۴/۲۳	۸۶/۱۲	۸۰,۰۰۰
ساختمان اصفهان	۱۵۰۰	۲۲۶	۶۹	۶	۱۲/۲۹	۶.۶۴	۲۱۰	۶۶	۸۷/۰۴/۳۰	۸۶/۱۲	۳۵۰,۰۰۰
عمران و توسعه فارس	۱۷۱۰	۲۶۵	۷۳	۶	۱۲/۲۹	۶.۴۵	۲۴۷	۷۰	۸۷/۰۴/۲۰	۸۶/۱۲	۶۰۰,۰۰۰
نوسازی و ساختمان تهران	۱۹۴۰	۳۰۶	۷۸	۶	۱۲/۲۹	۶.۳۴	۲۸۴	۷۵	۸۷/۰۴/۲۶	۸۶/۱۲	۵۰۰,۰۰۰
کارتن ایران	۱۴۸۰	۲۲۳	۶۹	۶	۱۲/۲۹	۶.۶۴	۲۰۷	۶۶	۸۷/۰۴/۲۴	۸۶/۱۲	۵۰,۰۰۰
کاغذ پارس	۱۳۲۰	۱۹۸	۶۷	۶	۱۲/۲۹	۶.۶۷	۱۸۴	۶۴	۸۷/۰۴/۲۱	۸۶/۱۲	۲۵۰,۰۰۰
چوکا	۱۷۶۰	۲۷۲	۷۴	۶	۱۲/۲۹	۶.۴۷	۲۵۳	۷۱	۸۷/۰۴/۲۷	۸۶/۱۲	۹۰,۰۰۰
افست	۲۲۳۰	۳۵۹	۸۲	۶	۱۲/۲۹	۶.۲۱	۳۳۴	۷۹	۸۷/۰۴/۲۹	۸۶/۱۲	۷۰,۰۰۰
کاشی سینا	۱۵۵۰	۲۳۶	۷۰	۶	۱۲/۲۹	۶.۵۷	۲۱۹	۶۷	۸۷/۰۴/۲۲	۸۶/۱۲	۴۰,۰۰۰
پشم شیشه	۱۹۳۰	۳۰۴	۷۸	۶	۱۲/۲۹	۶.۳۵	۲۸۳	۷۵	۸۷/۰۴/۲۵	۸۶/۱۲	۸۰,۰۰۰
